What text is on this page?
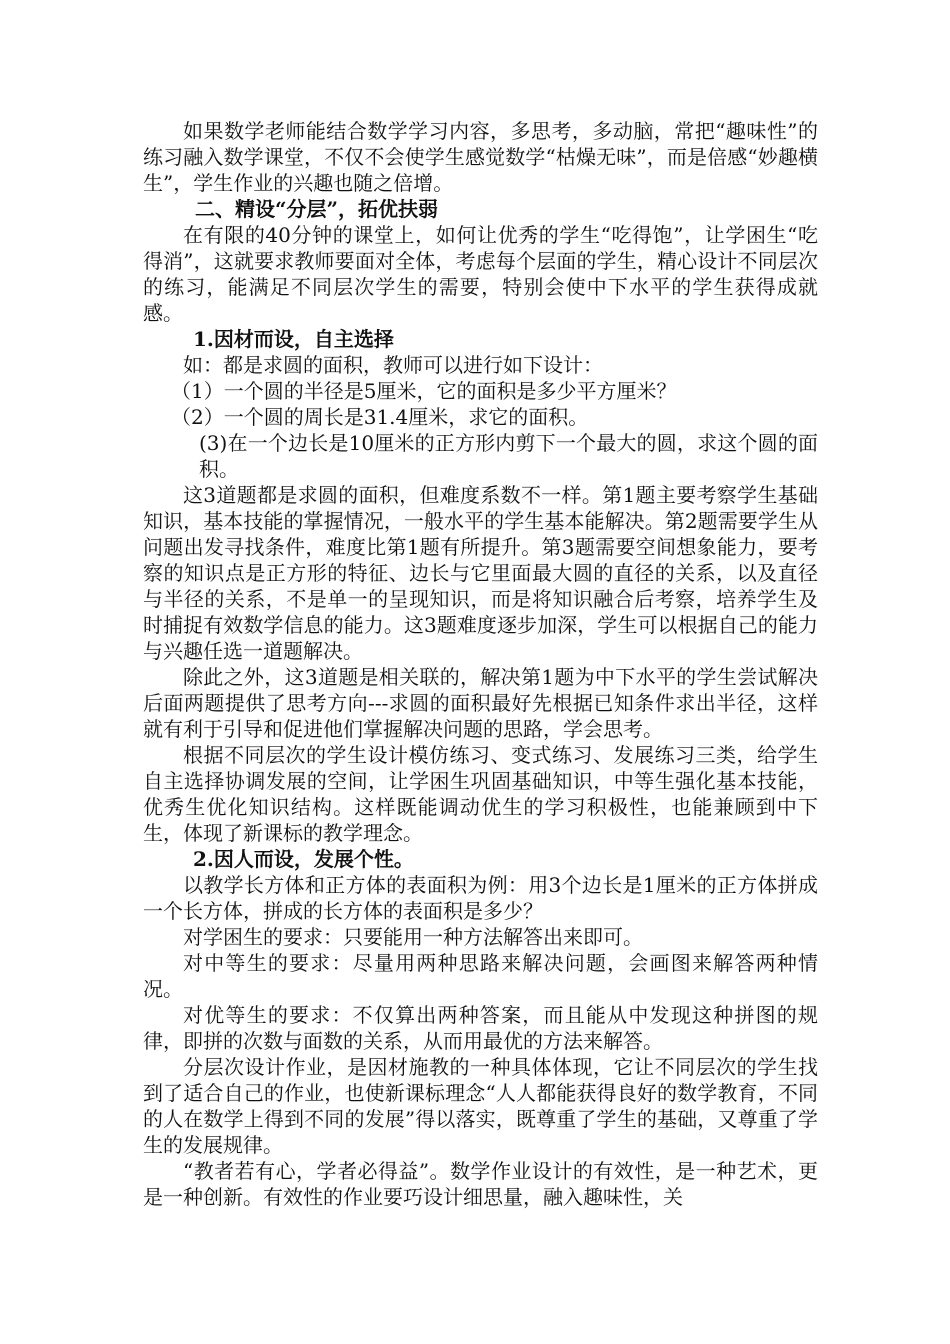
如果数学老师能结合数学学习内容，多思考，多动脑，常把“趣味性”的练习融入数学课堂，不仅不会使学生感觉数学“枯燥无味”，而是倍感“妙趣横生”，学生作业的兴趣也随之倍增。

二、精设“分层”，拓优扶弱

在有限的40分钟的课堂上，如何让优秀的学生“吃得饱”，让学困生“吃得消”，这就要求教师要面对全体，考虑每个层面的学生，精心设计不同层次的练习，能满足不同层次学生的需要，特别会使中下水平的学生获得成就感。

1.因材而设，自主选择

如：都是求圆的面积，教师可以进行如下设计：

（1）一个圆的半径是5厘米，它的面积是多少平方厘米？

（2）一个圆的周长是31.4厘米，求它的面积。

(3)在一个边长是10厘米的正方形内剪下一个最大的圆，求这个圆的面积。

这3道题都是求圆的面积，但难度系数不一样。第1题主要考察学生基础知识，基本技能的掌握情况，一般水平的学生基本能解决。第2题需要学生从问题出发寻找条件，难度比第1题有所提升。第3题需要空间想象能力，要考察的知识点是正方形的特征、边长与它里面最大圆的直径的关系，以及直径与半径的关系，不是单一的呈现知识，而是将知识融合后考察，培养学生及时捕捉有效数学信息的能力。这3题难度逐步加深，学生可以根据自己的能力与兴趣任选一道题解决。

除此之外，这3道题是相关联的，解决第1题为中下水平的学生尝试解决后面两题提供了思考方向---求圆的面积最好先根据已知条件求出半径，这样就有利于引导和促进他们掌握解决问题的思路，学会思考。

根据不同层次的学生设计模仿练习、变式练习、发展练习三类，给学生自主选择协调发展的空间，让学困生巩固基础知识，中等生强化基本技能，优秀生优化知识结构。这样既能调动优生的学习积极性，也能兼顾到中下生，体现了新课标的教学理念。

2.因人而设，发展个性。

以教学长方体和正方体的表面积为例：用3个边长是1厘米的正方体拼成一个长方体，拼成的长方体的表面积是多少？

对学困生的要求：只要能用一种方法解答出来即可。

对中等生的要求：尽量用两种思路来解决问题，会画图来解答两种情况。

对优等生的要求：不仅算出两种答案，而且能从中发现这种拼图的规律，即拼的次数与面数的关系，从而用最优的方法来解答。

分层次设计作业，是因材施教的一种具体体现，它让不同层次的学生找到了适合自己的作业，也使新课标理念“人人都能获得良好的数学教育，不同的人在数学上得到不同的发展”得以落实，既尊重了学生的基础，又尊重了学生的发展规律。

“教者若有心，学者必得益”。数学作业设计的有效性，是一种艺术，更是一种创新。有效性的作业要巧设计细思量，融入趣味性，关
